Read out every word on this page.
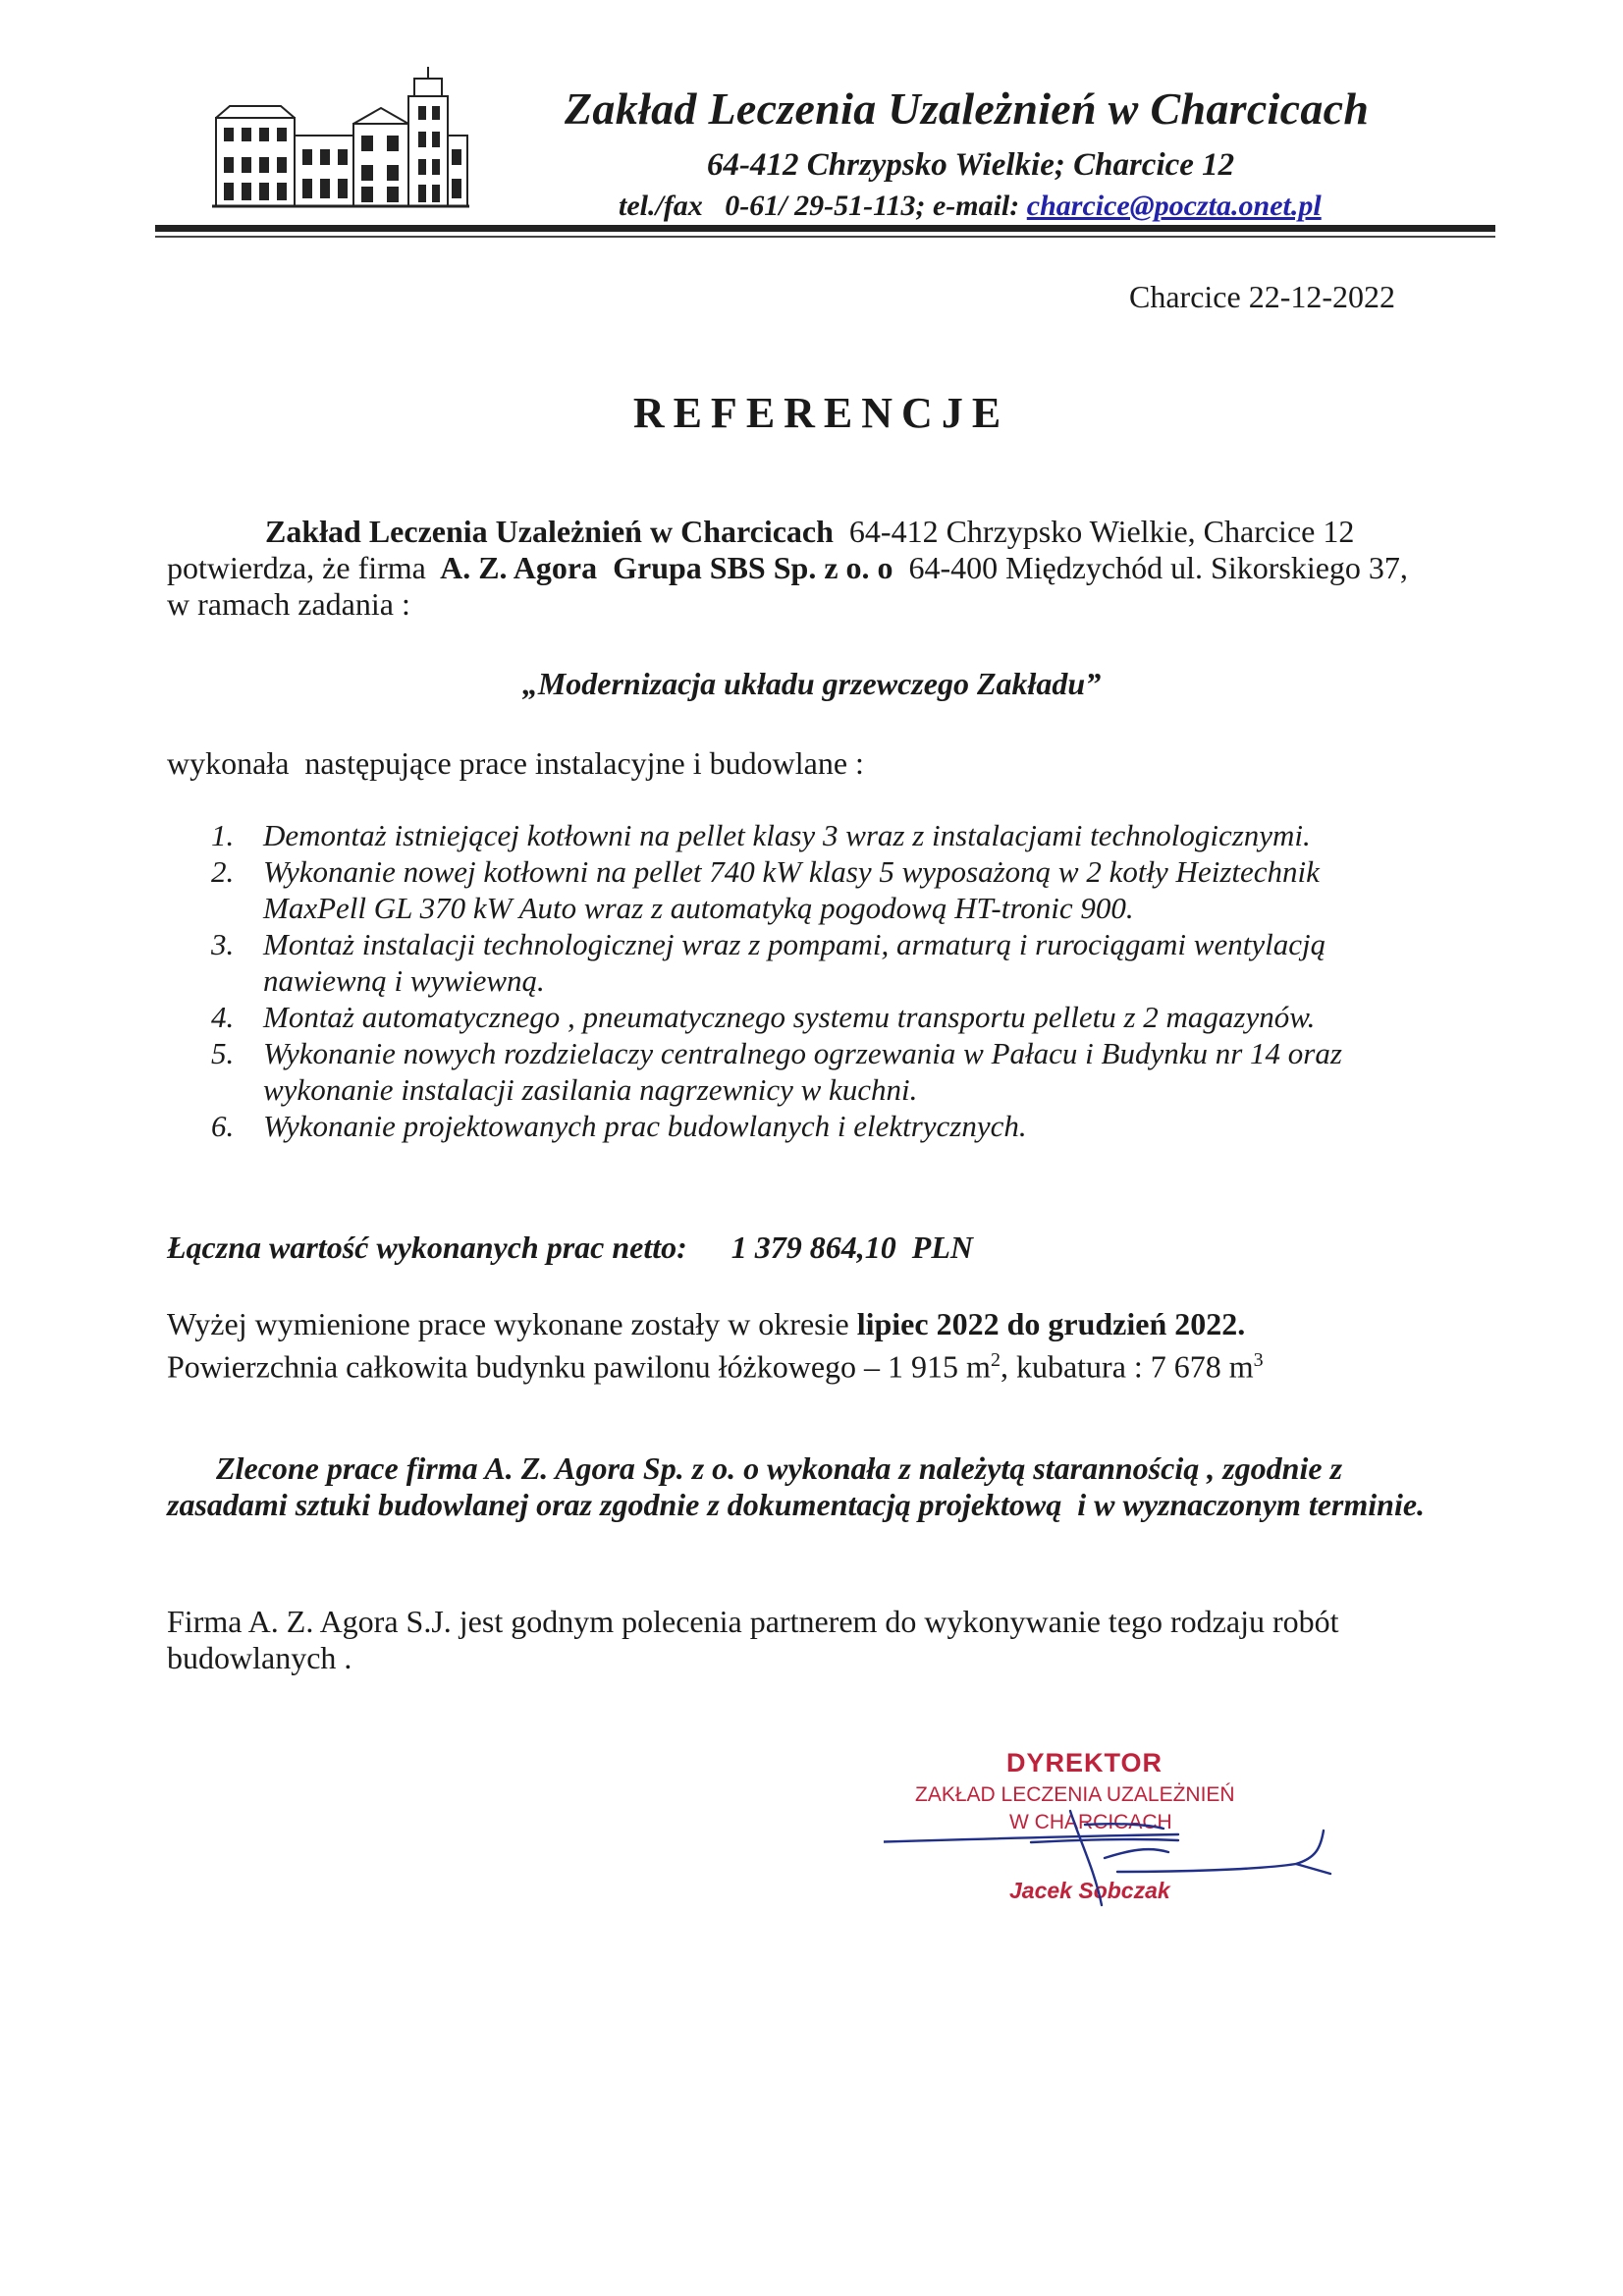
Zakład Leczenia Uzależnień w Charcicach
64-412 Chrzypsko Wielkie; Charcice 12
tel./fax   0-61/ 29-51-113; e-mail: charcice@poczta.onet.pl
Charcice 22-12-2022
REFERENCJE
Zakład Leczenia Uzależnień w Charcicach  64-412 Chrzypsko Wielkie, Charcice 12
potwierdza, że firma  A. Z. Agora  Grupa SBS Sp. z o. o  64-400 Międzychód ul. Sikorskiego 37,
w ramach zadania :
„Modernizacja układu grzewczego Zakładu”
wykonała  następujące prace instalacyjne i budowlane :
1. Demontaż istniejącej kotłowni na pellet klasy 3 wraz z instalacjami technologicznymi.
2. Wykonanie nowej kotłowni na pellet 740 kW klasy 5 wyposażoną w 2 kotły Heiztechnik
MaxPell GL 370 kW Auto wraz z automatyką pogodową HT-tronic 900.
3. Montaż instalacji technologicznej wraz z pompami, armaturą i rurociągami wentylacją
nawiewną i wywiewną.
4. Montaż automatycznego , pneumatycznego systemu transportu pelletu z 2 magazynów.
5. Wykonanie nowych rozdzielaczy centralnego ogrzewania w Pałacu i Budynku nr 14 oraz
wykonanie instalacji zasilania nagrzewnicy w kuchni.
6. Wykonanie projektowanych prac budowlanych i elektrycznych.
Łączna wartość wykonanych prac netto: 1 379 864,10  PLN
Wyżej wymienione prace wykonane zostały w okresie lipiec 2022 do grudzień 2022.
Powierzchnia całkowita budynku pawilonu łóżkowego – 1 915 $m^2$, kubatura : 7 678 $m^3$
Zlecone prace firma A. Z. Agora Sp. z o. o wykonała z należytą starannością , zgodnie z
zasadami sztuki budowlanej oraz zgodnie z dokumentacją projektową  i w wyznaczonym terminie.
Firma A. Z. Agora S.J. jest godnym polecenia partnerem do wykonywanie tego rodzaju robót
budowlanych .
DYREKTOR
ZAKŁAD LECZENIA UZALEŻNIEŃ
W CHARCICACH
Jacek Sobczak
